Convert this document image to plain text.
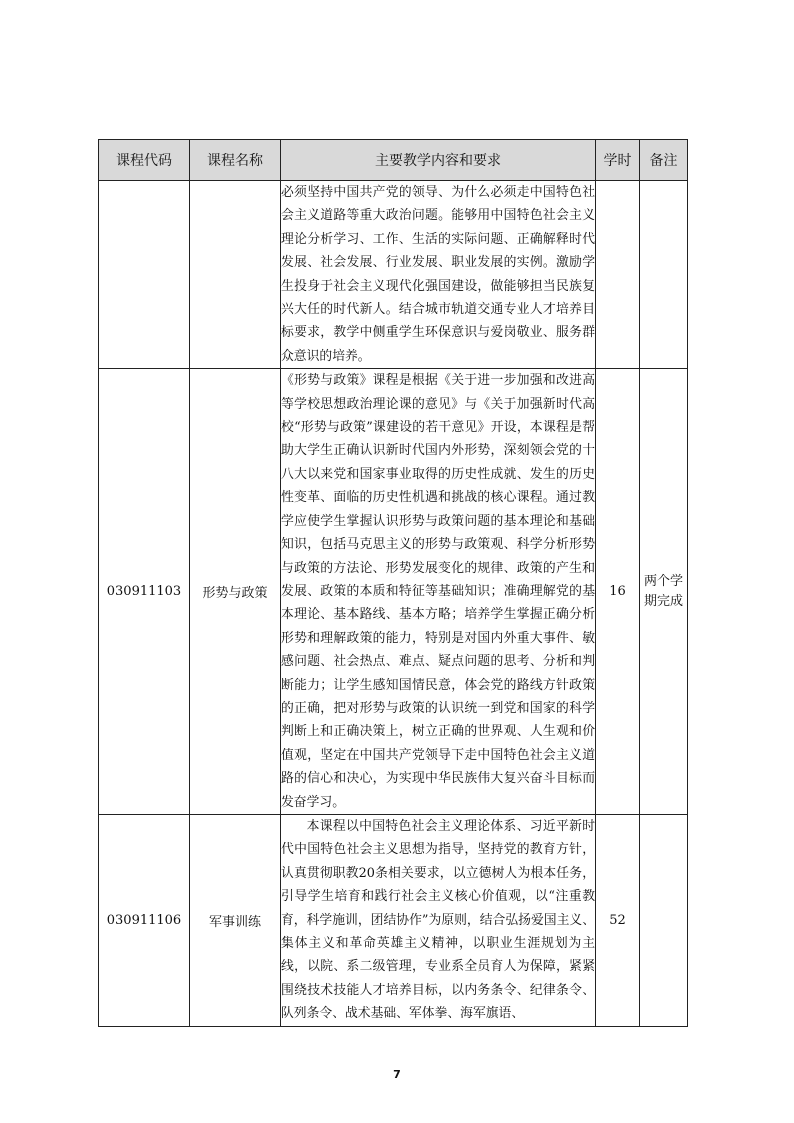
课程代码	课程名称	主要教学内容和要求	学时	备注

		必须坚持中国共产党的领导、为什么必须走中国特色社会主义道路等重大政治问题。能够用中国特色社会主义理论分析学习、工作、生活的实际问题、正确解释时代发展、社会发展、行业发展、职业发展的实例。激励学生投身于社会主义现代化强国建设，做能够担当民族复兴大任的时代新人。结合城市轨道交通专业人才培养目标要求，教学中侧重学生环保意识与爱岗敬业、服务群众意识的培养。		

030911103	形势与政策	《形势与政策》课程是根据《关于进一步加强和改进高等学校思想政治理论课的意见》与《关于加强新时代高校“形势与政策”课建设的若干意见》开设，本课程是帮助大学生正确认识新时代国内外形势，深刻领会党的十八大以来党和国家事业取得的历史性成就、发生的历史性变革、面临的历史性机遇和挑战的核心课程。通过教学应使学生掌握认识形势与政策问题的基本理论和基础知识，包括马克思主义的形势与政策观、科学分析形势与政策的方法论、形势发展变化的规律、政策的产生和发展、政策的本质和特征等基础知识；准确理解党的基本理论、基本路线、基本方略；培养学生掌握正确分析形势和理解政策的能力，特别是对国内外重大事件、敏感问题、社会热点、难点、疑点问题的思考、分析和判断能力；让学生感知国情民意，体会党的路线方针政策的正确，把对形势与政策的认识统一到党和国家的科学判断上和正确决策上，树立正确的世界观、人生观和价值观，坚定在中国共产党领导下走中国特色社会主义道路的信心和决心，为实现中华民族伟大复兴奋斗目标而发奋学习。	16	两个学期完成
030911106	军事训练	本课程以中国特色社会主义理论体系、习近平新时代中国特色社会主义思想为指导，坚持党的教育方针，认真贯彻职教20条相关要求，以立德树人为根本任务，引导学生培育和践行社会主义核心价值观，以“注重教育，科学施训，团结协作”为原则，结合弘扬爱国主义、集体主义和革命英雄主义精神，以职业生涯规划为主线，以院、系二级管理，专业系全员育人为保障，紧紧围绕技术技能人才培养目标，以内务条令、纪律条令、队列条令、战术基础、军体拳、海军旗语、	52	
7
